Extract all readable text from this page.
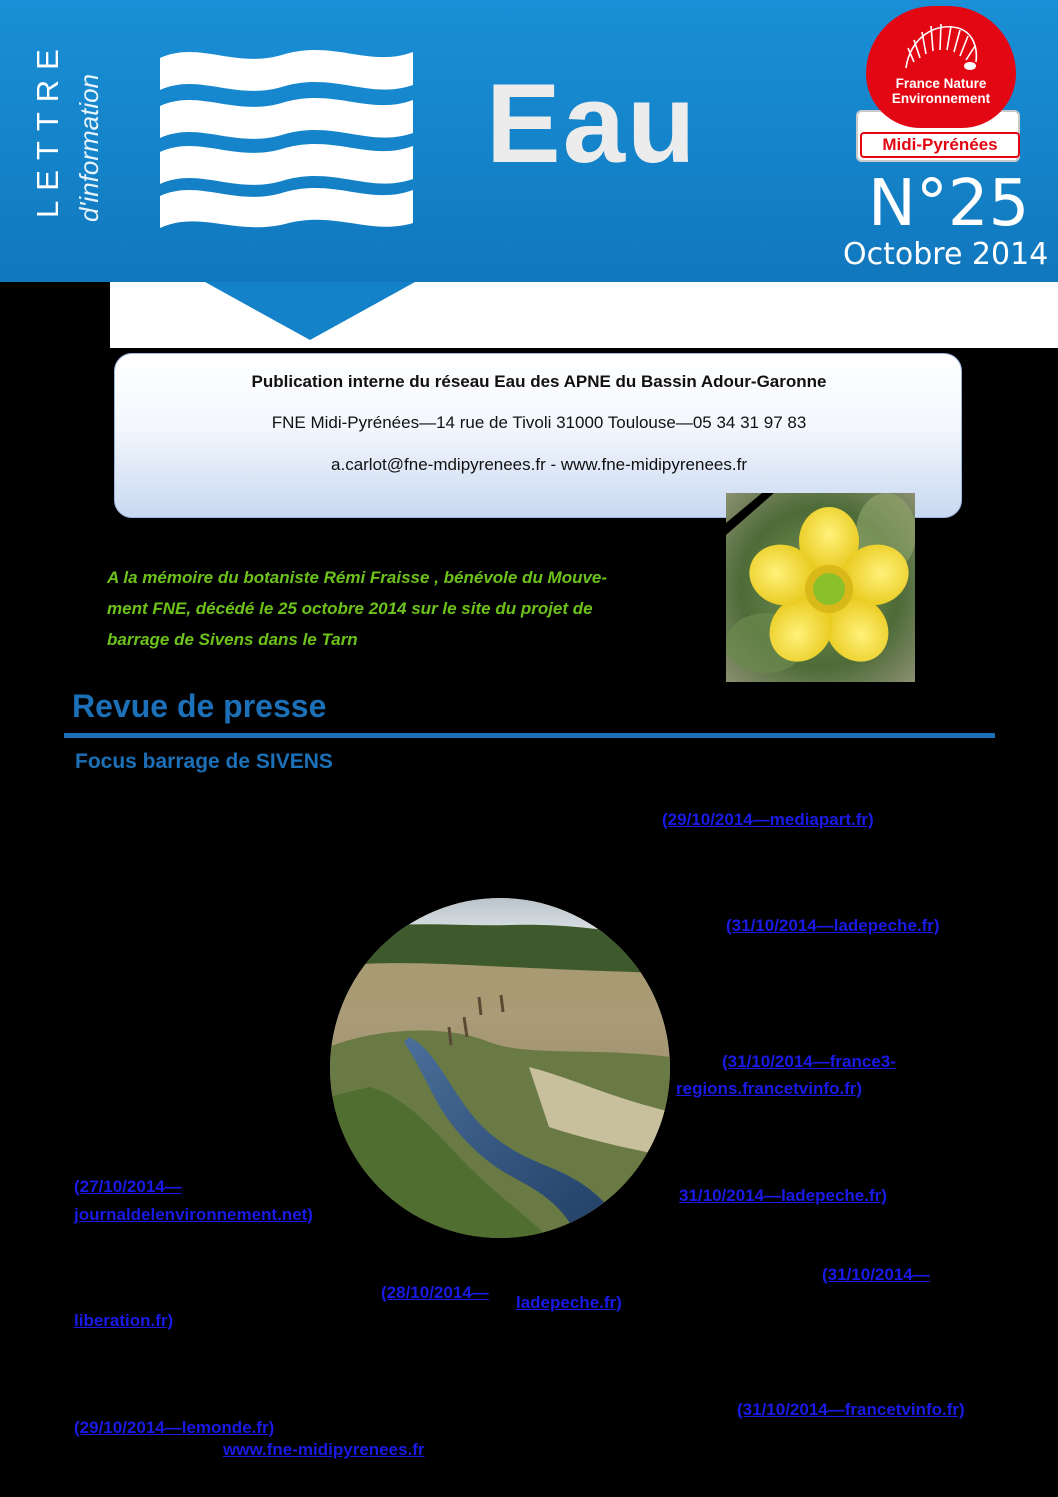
LETTRE d'information	Eau
N°25
Octobre 2014
France Nature
Environnement
Midi-Pyrénées
Publication interne du réseau Eau des APNE du Bassin Adour-Garonne
FNE Midi-Pyrénées—14 rue de Tivoli 31000 Toulouse—05 34 31 97 83
a.carlot@fne-mdipyrenees.fr - www.fne-midipyrenees.fr
A la mémoire du botaniste Rémi Fraisse , bénévole du Mouve-
ment FNE, décédé le 25 octobre 2014 sur le site du projet de
barrage de Sivens dans le Tarn
Revue de presse
Focus barrage de SIVENS
(29/10/2014—mediapart.fr)
(31/10/2014—ladepeche.fr)
(31/10/2014—france3-
regions.francetvinfo.fr)
(27/10/2014—
journaldelenvironnement.net)
31/10/2014—ladepeche.fr)
(31/10/2014—
liberation.fr)
(28/10/2014—
ladepeche.fr)
(31/10/2014—francetvinfo.fr)
(29/10/2014—lemonde.fr)
www.fne-midipyrenees.fr
